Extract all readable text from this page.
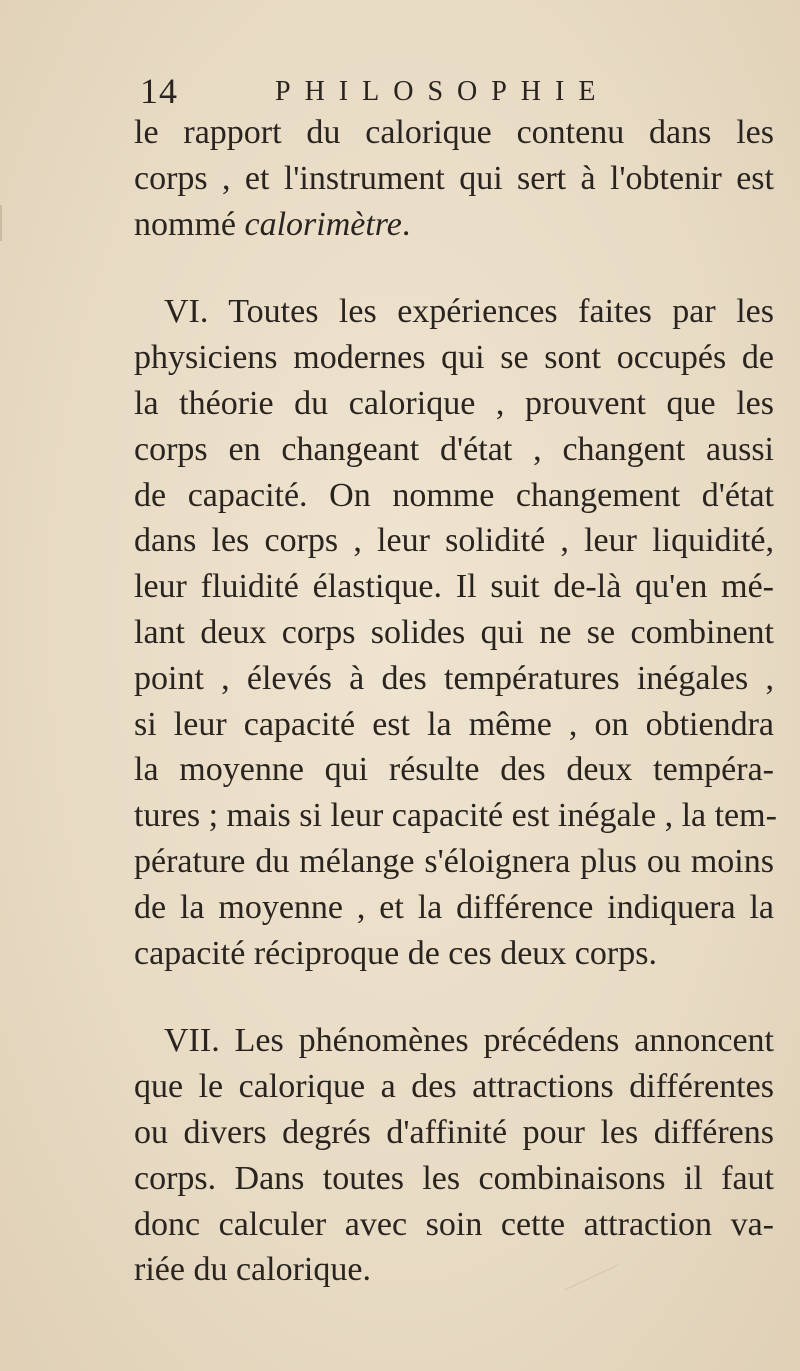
14	PHILOSOPHIE
le rapport du calorique contenu dans les
corps , et l'instrument qui sert à l'obtenir est
nommé calorimètre.
VI. Toutes les expériences faites par les
physiciens modernes qui se sont occupés de
la théorie du calorique , prouvent que les
corps en changeant d'état , changent aussi
de capacité. On nomme changement d'état
dans les corps , leur solidité , leur liquidité,
leur fluidité élastique. Il suit de-là qu'en mé-
lant deux corps solides qui ne se combinent
point , élevés à des températures inégales ,
si leur capacité est la même , on obtiendra
la moyenne qui résulte des deux tempéra-
tures ; mais si leur capacité est inégale , la tem-
pérature du mélange s'éloignera plus ou moins
de la moyenne , et la différence indiquera la
capacité réciproque de ces deux corps.
VII. Les phénomènes précédens annoncent
que le calorique a des attractions différentes
ou divers degrés d'affinité pour les différens
corps. Dans toutes les combinaisons il faut
donc calculer avec soin cette attraction va-
riée du calorique.
